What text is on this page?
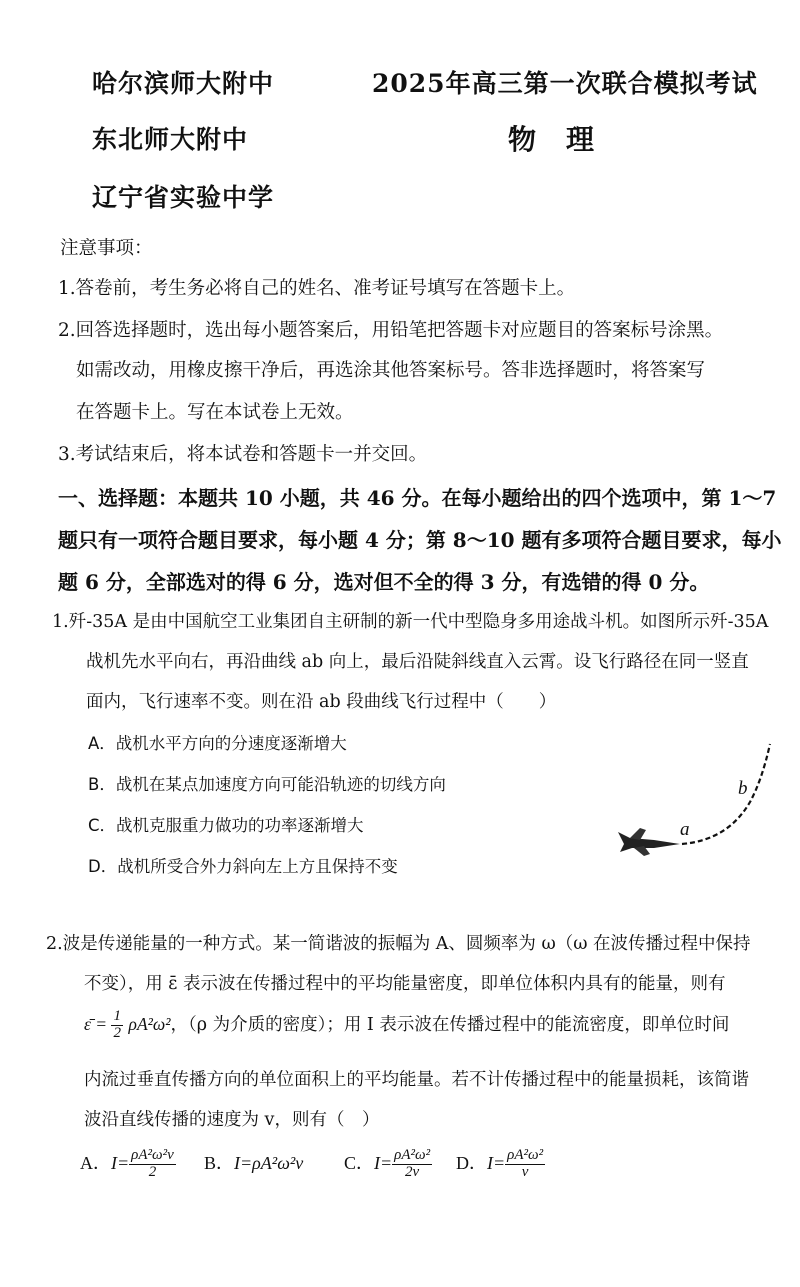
哈尔滨师大附中	2025年高三第一次联合模拟考试
东北师大附中	物　理
辽宁省实验中学
注意事项：
1.答卷前，考生务必将自己的姓名、准考证号填写在答题卡上。
2.回答选择题时，选出每小题答案后，用铅笔把答题卡对应题目的答案标号涂黑。
如需改动，用橡皮擦干净后，再选涂其他答案标号。答非选择题时，将答案写
在答题卡上。写在本试卷上无效。
3.考试结束后，将本试卷和答题卡一并交回。
一、选择题：本题共 10 小题，共 46 分。在每小题给出的四个选项中，第 1～7
题只有一项符合题目要求，每小题 4 分；第 8～10 题有多项符合题目要求，每小
题 6 分，全部选对的得 6 分，选对但不全的得 3 分，有选错的得 0 分。
1.歼-35A 是由中国航空工业集团自主研制的新一代中型隐身多用途战斗机。如图所示歼-35A
战机先水平向右，再沿曲线 ab 向上，最后沿陡斜线直入云霄。设飞行路径在同一竖直
面内，飞行速率不变。则在沿 ab 段曲线飞行过程中（　　）
A．战机水平方向的分速度逐渐增大
B．战机在某点加速度方向可能沿轨迹的切线方向
C．战机克服重力做功的功率逐渐增大
D．战机所受合外力斜向左上方且保持不变
b
a
2.波是传递能量的一种方式。某一简谐波的振幅为 A、圆频率为 ω（ω 在波传播过程中保持
不变），用 ε̄ 表示波在传播过程中的平均能量密度，即单位体积内具有的能量，则有
ε̄ = $\frac{1}{2} \rho A^2\omega^2$，（ρ 为介质的密度）；用 I 表示波在传播过程中的能流密度，即单位时间
内流过垂直传播方向的单位面积上的平均能量。若不计传播过程中的能量损耗，该简谐
波沿直线传播的速度为 v，则有（　）
A．$I= \frac{\text{ρA²ω²v}}{2}$ B．I=ρA²ω²v C．$I= \frac{\text{ρA²ω²}}{2v}$ D．$I= \frac{\text{ρA²ω²}}{v}$
